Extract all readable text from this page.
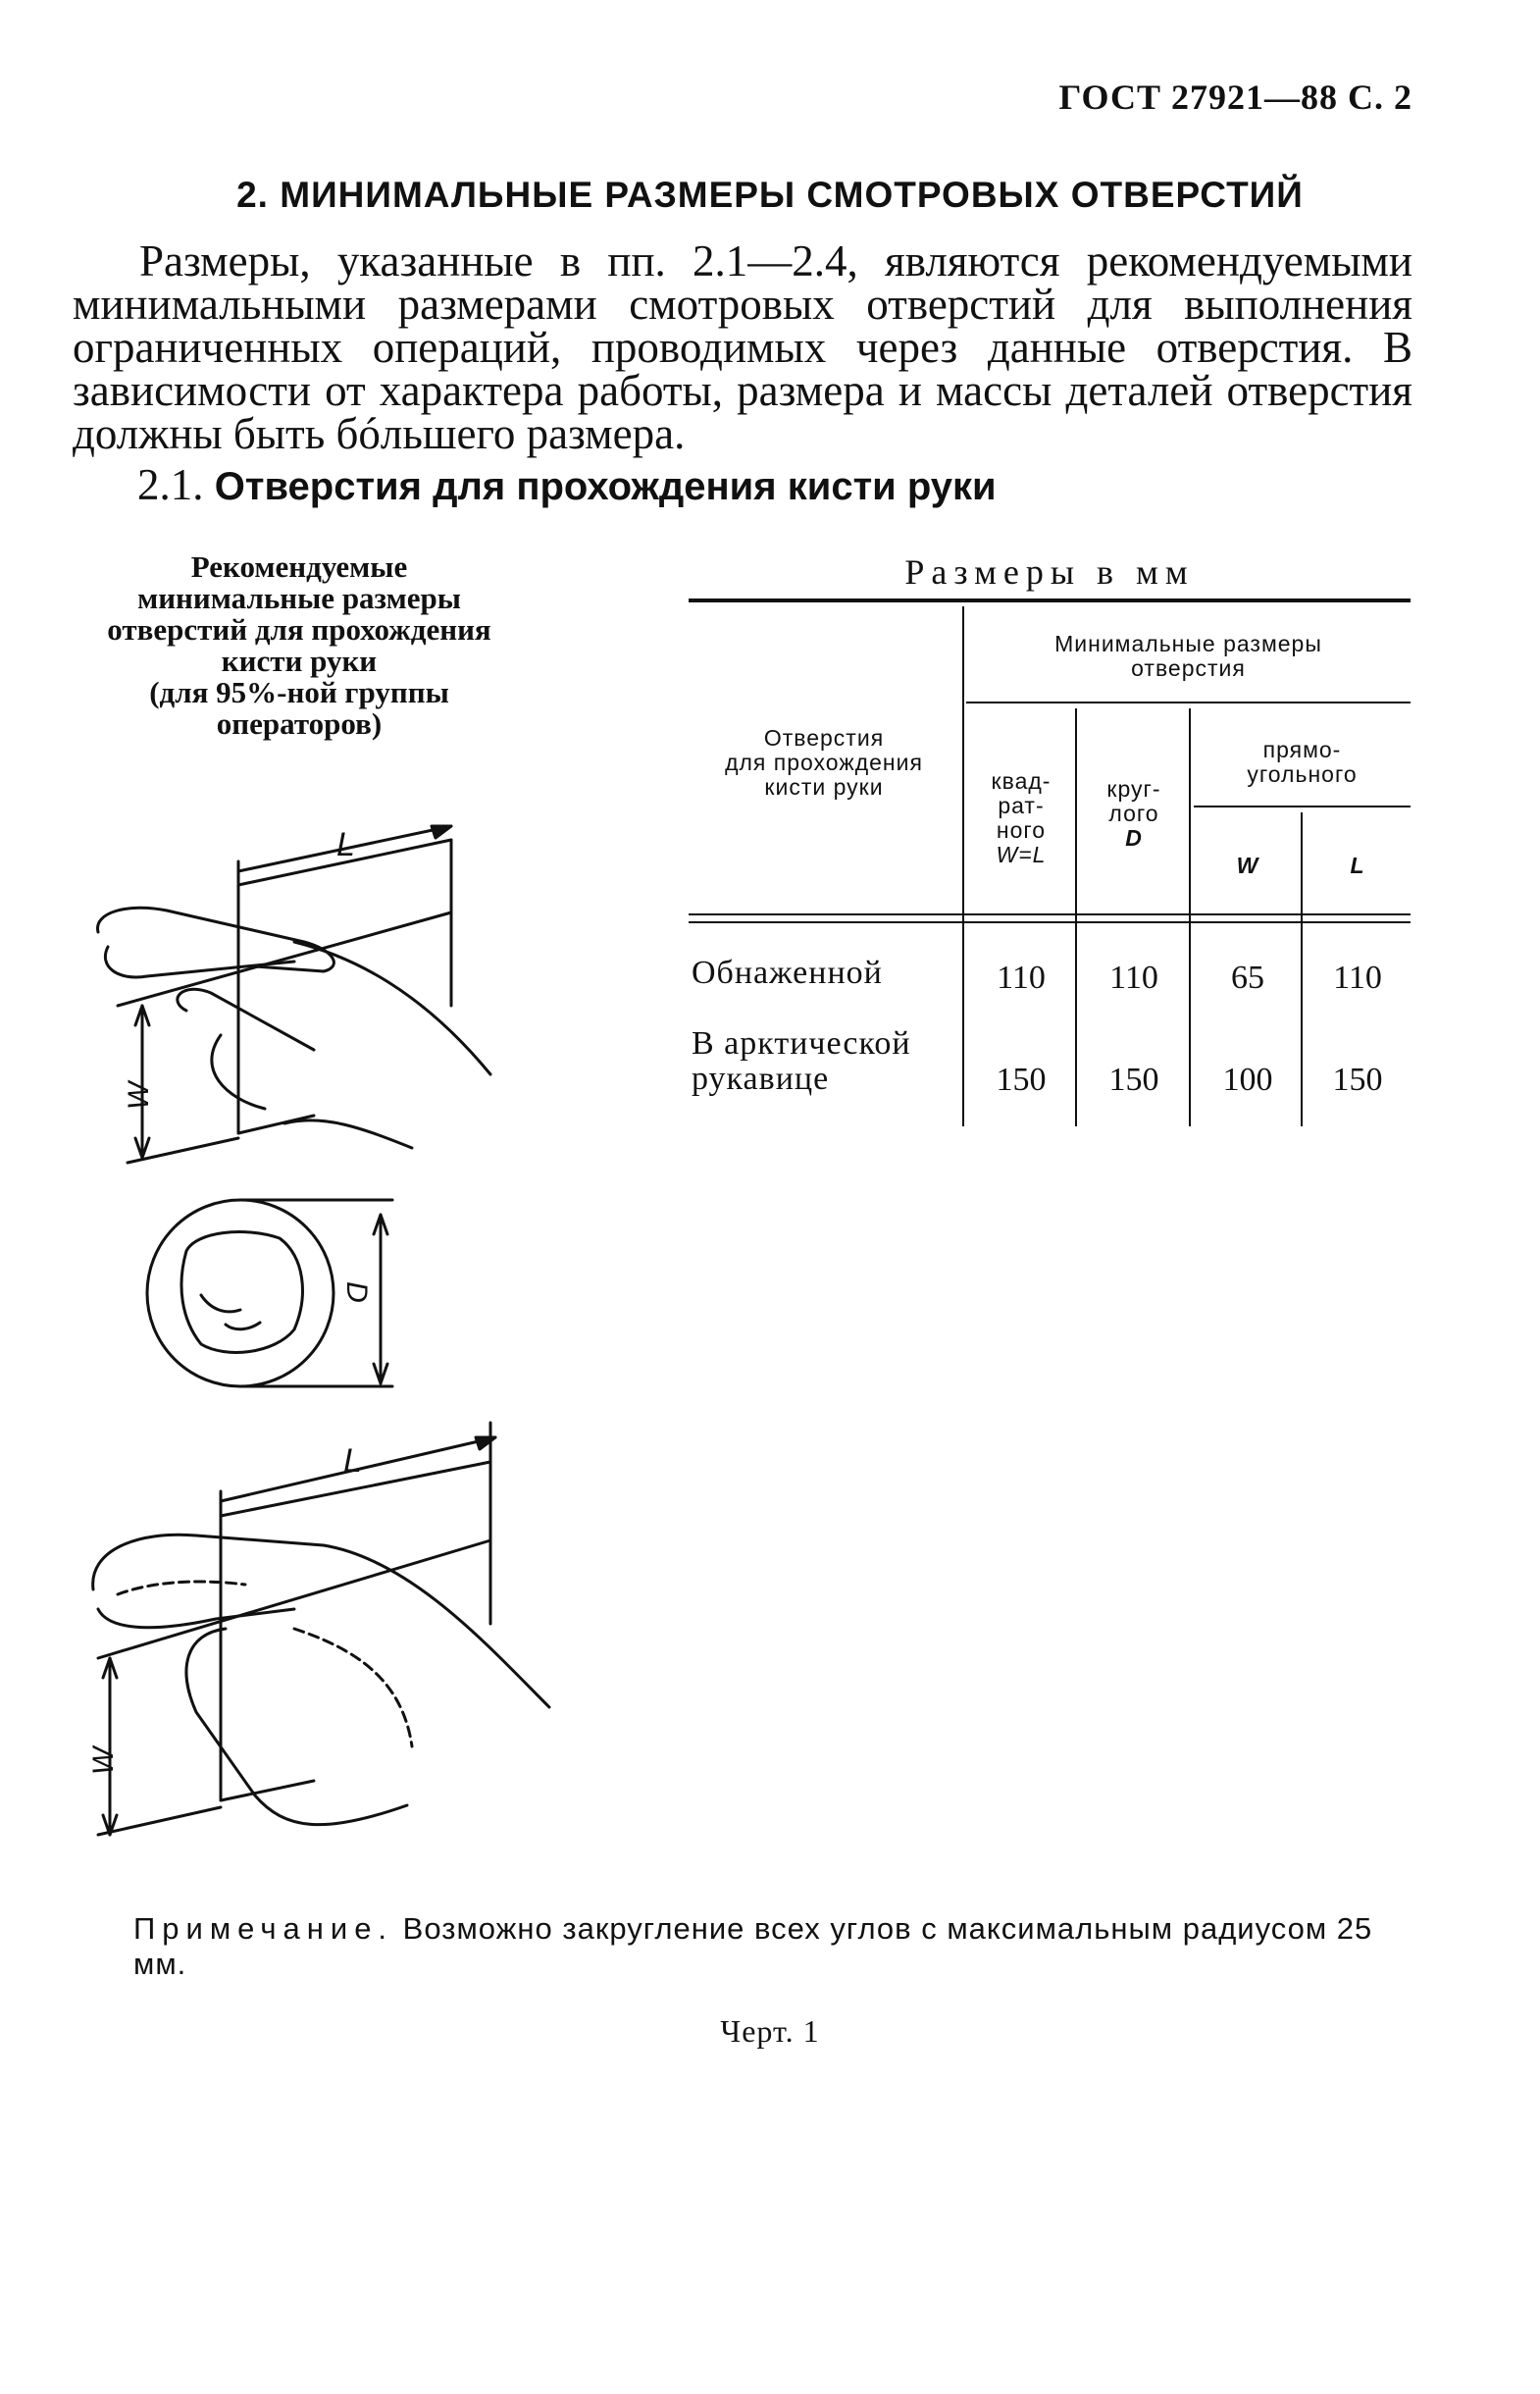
ГОСТ 27921—88 С. 2
2. МИНИМАЛЬНЫЕ РАЗМЕРЫ СМОТРОВЫХ ОТВЕРСТИЙ

Размеры, указанные в пп. 2.1—2.4, являются рекомендуемыми минимальными размерами смотровых отверстий для выполнения ограниченных операций, проводимых через данные отверстия. В зависимости от характера работы, размера и массы деталей отверстия должны быть бóльшего размера.

2.1. Отверстия для прохождения кисти руки
Рекомендуемые
минимальные размеры
отверстий для прохождения
кисти руки
(для 95%-ной группы
операторов)
L
W
D
L
W
Размеры в мм
Отверстия
для прохождения
кисти руки
Минимальные размеры
отверстия
квад-
рат-
ного
W=L
круг-
лого
D
прямо-
угольного
W	L
Обнаженной	110	110	65	110
В арктической
рукавице	150	150	100	150
Примечание. Возможно закругление всех углов с максимальным радиусом 25 мм.
Черт. 1
